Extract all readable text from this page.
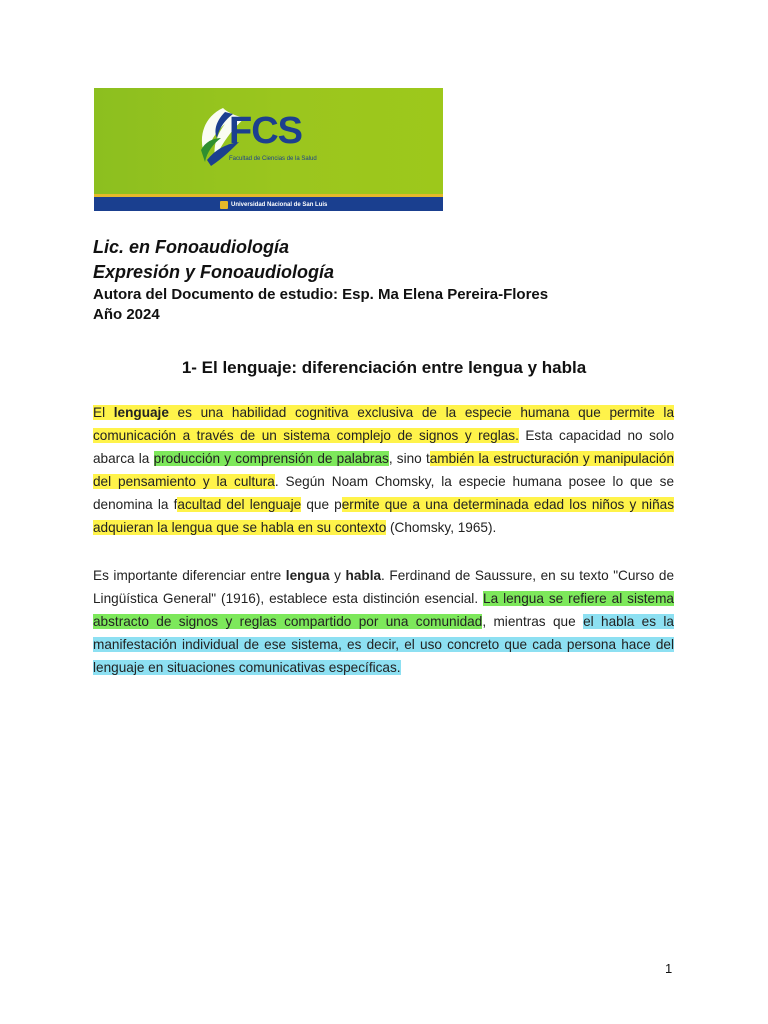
FCS
Facultad de Ciencias de la Salud
Universidad Nacional de San Luis
Lic. en Fonoaudiología
Expresión y Fonoaudiología
Autora del Documento de estudio: Esp. Ma Elena Pereira-Flores
Año 2024
1- El lenguaje: diferenciación entre lengua y habla
El lenguaje es una habilidad cognitiva exclusiva de la especie humana que permite la comunicación a través de un sistema complejo de signos y reglas. Esta capacidad no solo abarca la producción y comprensión de palabras, sino también la estructuración y manipulación del pensamiento y la cultura. Según Noam Chomsky, la especie humana posee lo que se denomina la facultad del lenguaje que permite que a una determinada edad los niños y niñas adquieran la lengua que se habla en su contexto (Chomsky, 1965).
Es importante diferenciar entre lengua y habla. Ferdinand de Saussure, en su texto "Curso de Lingüística General" (1916), establece esta distinción esencial. La lengua se refiere al sistema abstracto de signos y reglas compartido por una comunidad, mientras que el habla es la manifestación individual de ese sistema, es decir, el uso concreto que cada persona hace del lenguaje en situaciones comunicativas específicas.
1
